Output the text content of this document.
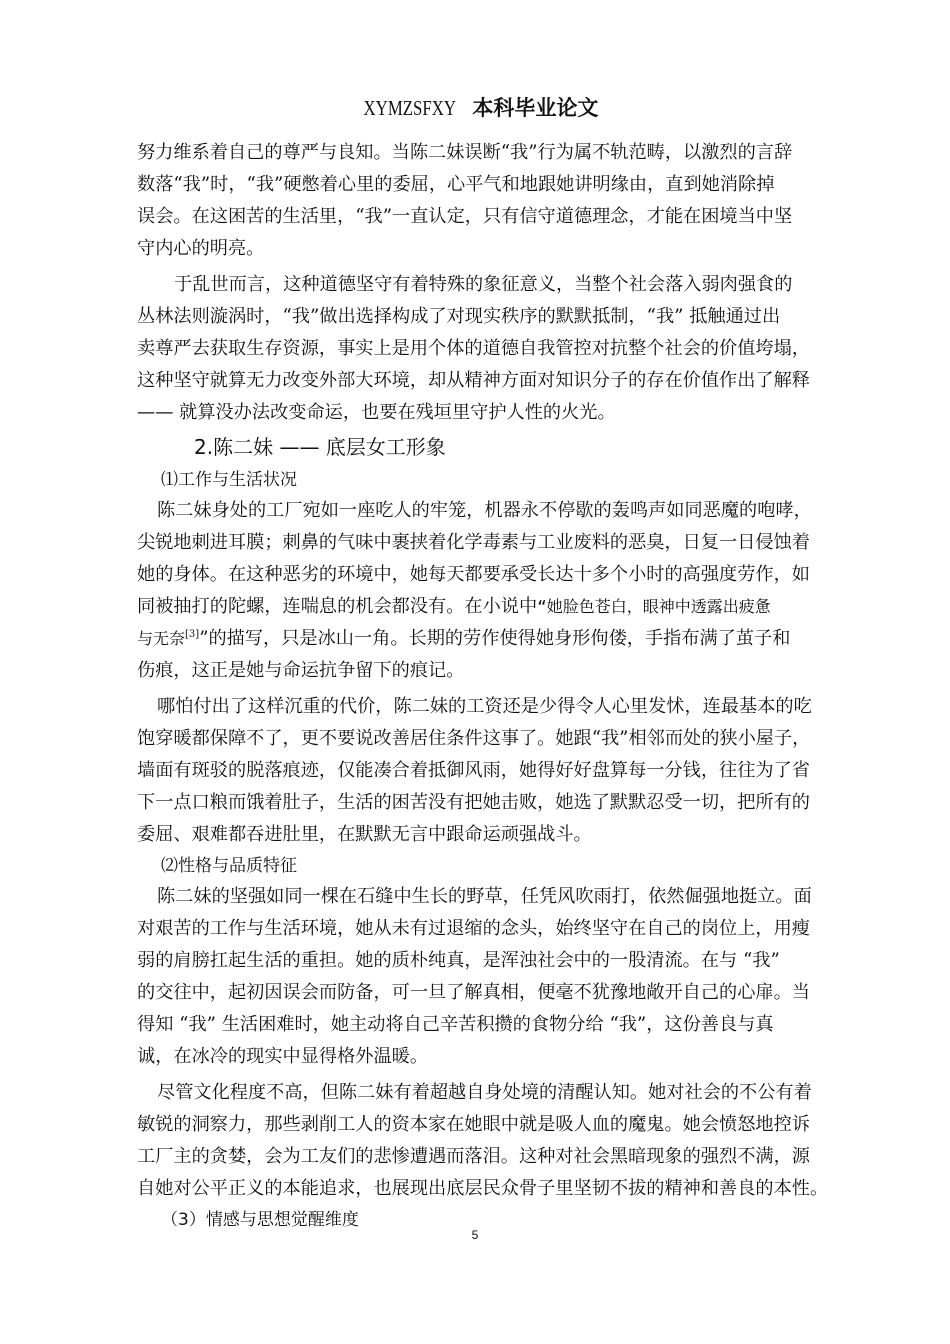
XYMZSFXY 本科毕业论文
努力维系着自己的尊严与良知。当陈二妹误断“我”行为属不轨范畴，以激烈的言辞
数落“我”时，“我”硬憋着心里的委屈，心平气和地跟她讲明缘由，直到她消除掉
误会。在这困苦的生活里，“我”一直认定，只有信守道德理念，才能在困境当中坚
守内心的明亮。
于乱世而言，这种道德坚守有着特殊的象征意义，当整个社会落入弱肉强食的
丛林法则漩涡时，“我”做出选择构成了对现实秩序的默默抵制，“我” 抵触通过出
卖尊严去获取生存资源，事实上是用个体的道德自我管控对抗整个社会的价值垮塌，
这种坚守就算无力改变外部大环境，却从精神方面对知识分子的存在价值作出了解释
—— 就算没办法改变命运，也要在残垣里守护人性的火光。
2.陈二妹 —— 底层女工形象
⑴工作与生活状况
陈二妹身处的工厂宛如一座吃人的牢笼，机器永不停歇的轰鸣声如同恶魔的咆哮，
尖锐地刺进耳膜；刺鼻的气味中裹挟着化学毒素与工业废料的恶臭，日复一日侵蚀着
她的身体。在这种恶劣的环境中，她每天都要承受长达十多个小时的高强度劳作，如
同被抽打的陀螺，连喘息的机会都没有。在小说中“她脸色苍白，眼神中透露出疲惫
与无奈[3]”的描写，只是冰山一角。长期的劳作使得她身形佝偻，手指布满了茧子和
伤痕，这正是她与命运抗争留下的痕记。
哪怕付出了这样沉重的代价，陈二妹的工资还是少得令人心里发怵，连最基本的吃
饱穿暖都保障不了，更不要说改善居住条件这事了。她跟“我”相邻而处的狭小屋子，
墙面有斑驳的脱落痕迹，仅能凑合着抵御风雨，她得好好盘算每一分钱，往往为了省
下一点口粮而饿着肚子，生活的困苦没有把她击败，她选了默默忍受一切，把所有的
委屈、艰难都吞进肚里，在默默无言中跟命运顽强战斗。
⑵性格与品质特征
陈二妹的坚强如同一棵在石缝中生长的野草，任凭风吹雨打，依然倔强地挺立。面
对艰苦的工作与生活环境，她从未有过退缩的念头，始终坚守在自己的岗位上，用瘦
弱的肩膀扛起生活的重担。她的质朴纯真，是浑浊社会中的一股清流。在与 “我”
的交往中，起初因误会而防备，可一旦了解真相，便毫不犹豫地敞开自己的心扉。当
得知 “我” 生活困难时，她主动将自己辛苦积攒的食物分给 “我”，这份善良与真
诚，在冰冷的现实中显得格外温暖。
尽管文化程度不高，但陈二妹有着超越自身处境的清醒认知。她对社会的不公有着
敏锐的洞察力，那些剥削工人的资本家在她眼中就是吸人血的魔鬼。她会愤怒地控诉
工厂主的贪婪，会为工友们的悲惨遭遇而落泪。这种对社会黑暗现象的强烈不满，源
自她对公平正义的本能追求，也展现出底层民众骨子里坚韧不拔的精神和善良的本性。
（3）情感与思想觉醒维度
5
